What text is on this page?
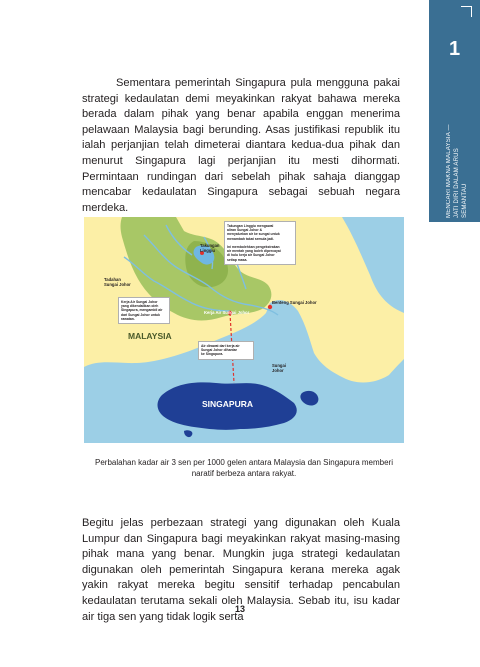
1
MENCARI MAKNA MALAYSIA —
JATI DIRI DALAM ARUS SEMANTAU

Sementara pemerintah Singapura pula mengguna pakai strategi kedaulatan demi meyakinkan rakyat bahawa mereka berada dalam pihak yang benar apabila enggan menerima pelawaan Malaysia bagi berunding. Asas justifikasi republik itu ialah perjanjian telah dimeterai diantara kedua-dua pihak dan menurut Singapura lagi perjanjian itu mesti dihormati. Permintaan rundingan dari sebelah pihak sahaja dianggap mencabar kedaulatan Singapura sebagai sebuah negara merdeka.

MALAYSIA
SINGAPURA
Kerja Air Sungai Johor
Benteng Sungai Johor
Takungan
Linggiu
Tadahan
Sungai Johor
Sungai
Johor
Takungan Linggiu mengawal
aliran Sungai Johor &
menyalurkan air ke sungai untuk
menambah takat semula jadi.

Ini membolehkan pengekstrakan
air mentah yang boleh dipercayai
di hulu kerja air Sungai Johor
setiap masa.
Kerja Air Sungai Johor
yang dikendalikan oleh
Singapura, mengambil air
dari Sungai Johor untuk
rawatan.
Air dirawat dari kerja air
Sungai Johor dihantar
ke Singapura.
Perbalahan kadar air 3 sen per 1000 gelen antara Malaysia dan Singapura memberi naratif berbeza antara rakyat.

Begitu jelas perbezaan strategi yang digunakan oleh Kuala Lumpur dan Singapura bagi meyakinkan rakyat masing-masing pihak mana yang benar. Mungkin juga strategi kedaulatan digunakan oleh pemerintah Singapura kerana mereka agak yakin rakyat mereka begitu sensitif terhadap pencabulan kedaulatan terutama sekali oleh Malaysia. Sebab itu, isu kadar air tiga sen yang tidak logik serta

13
